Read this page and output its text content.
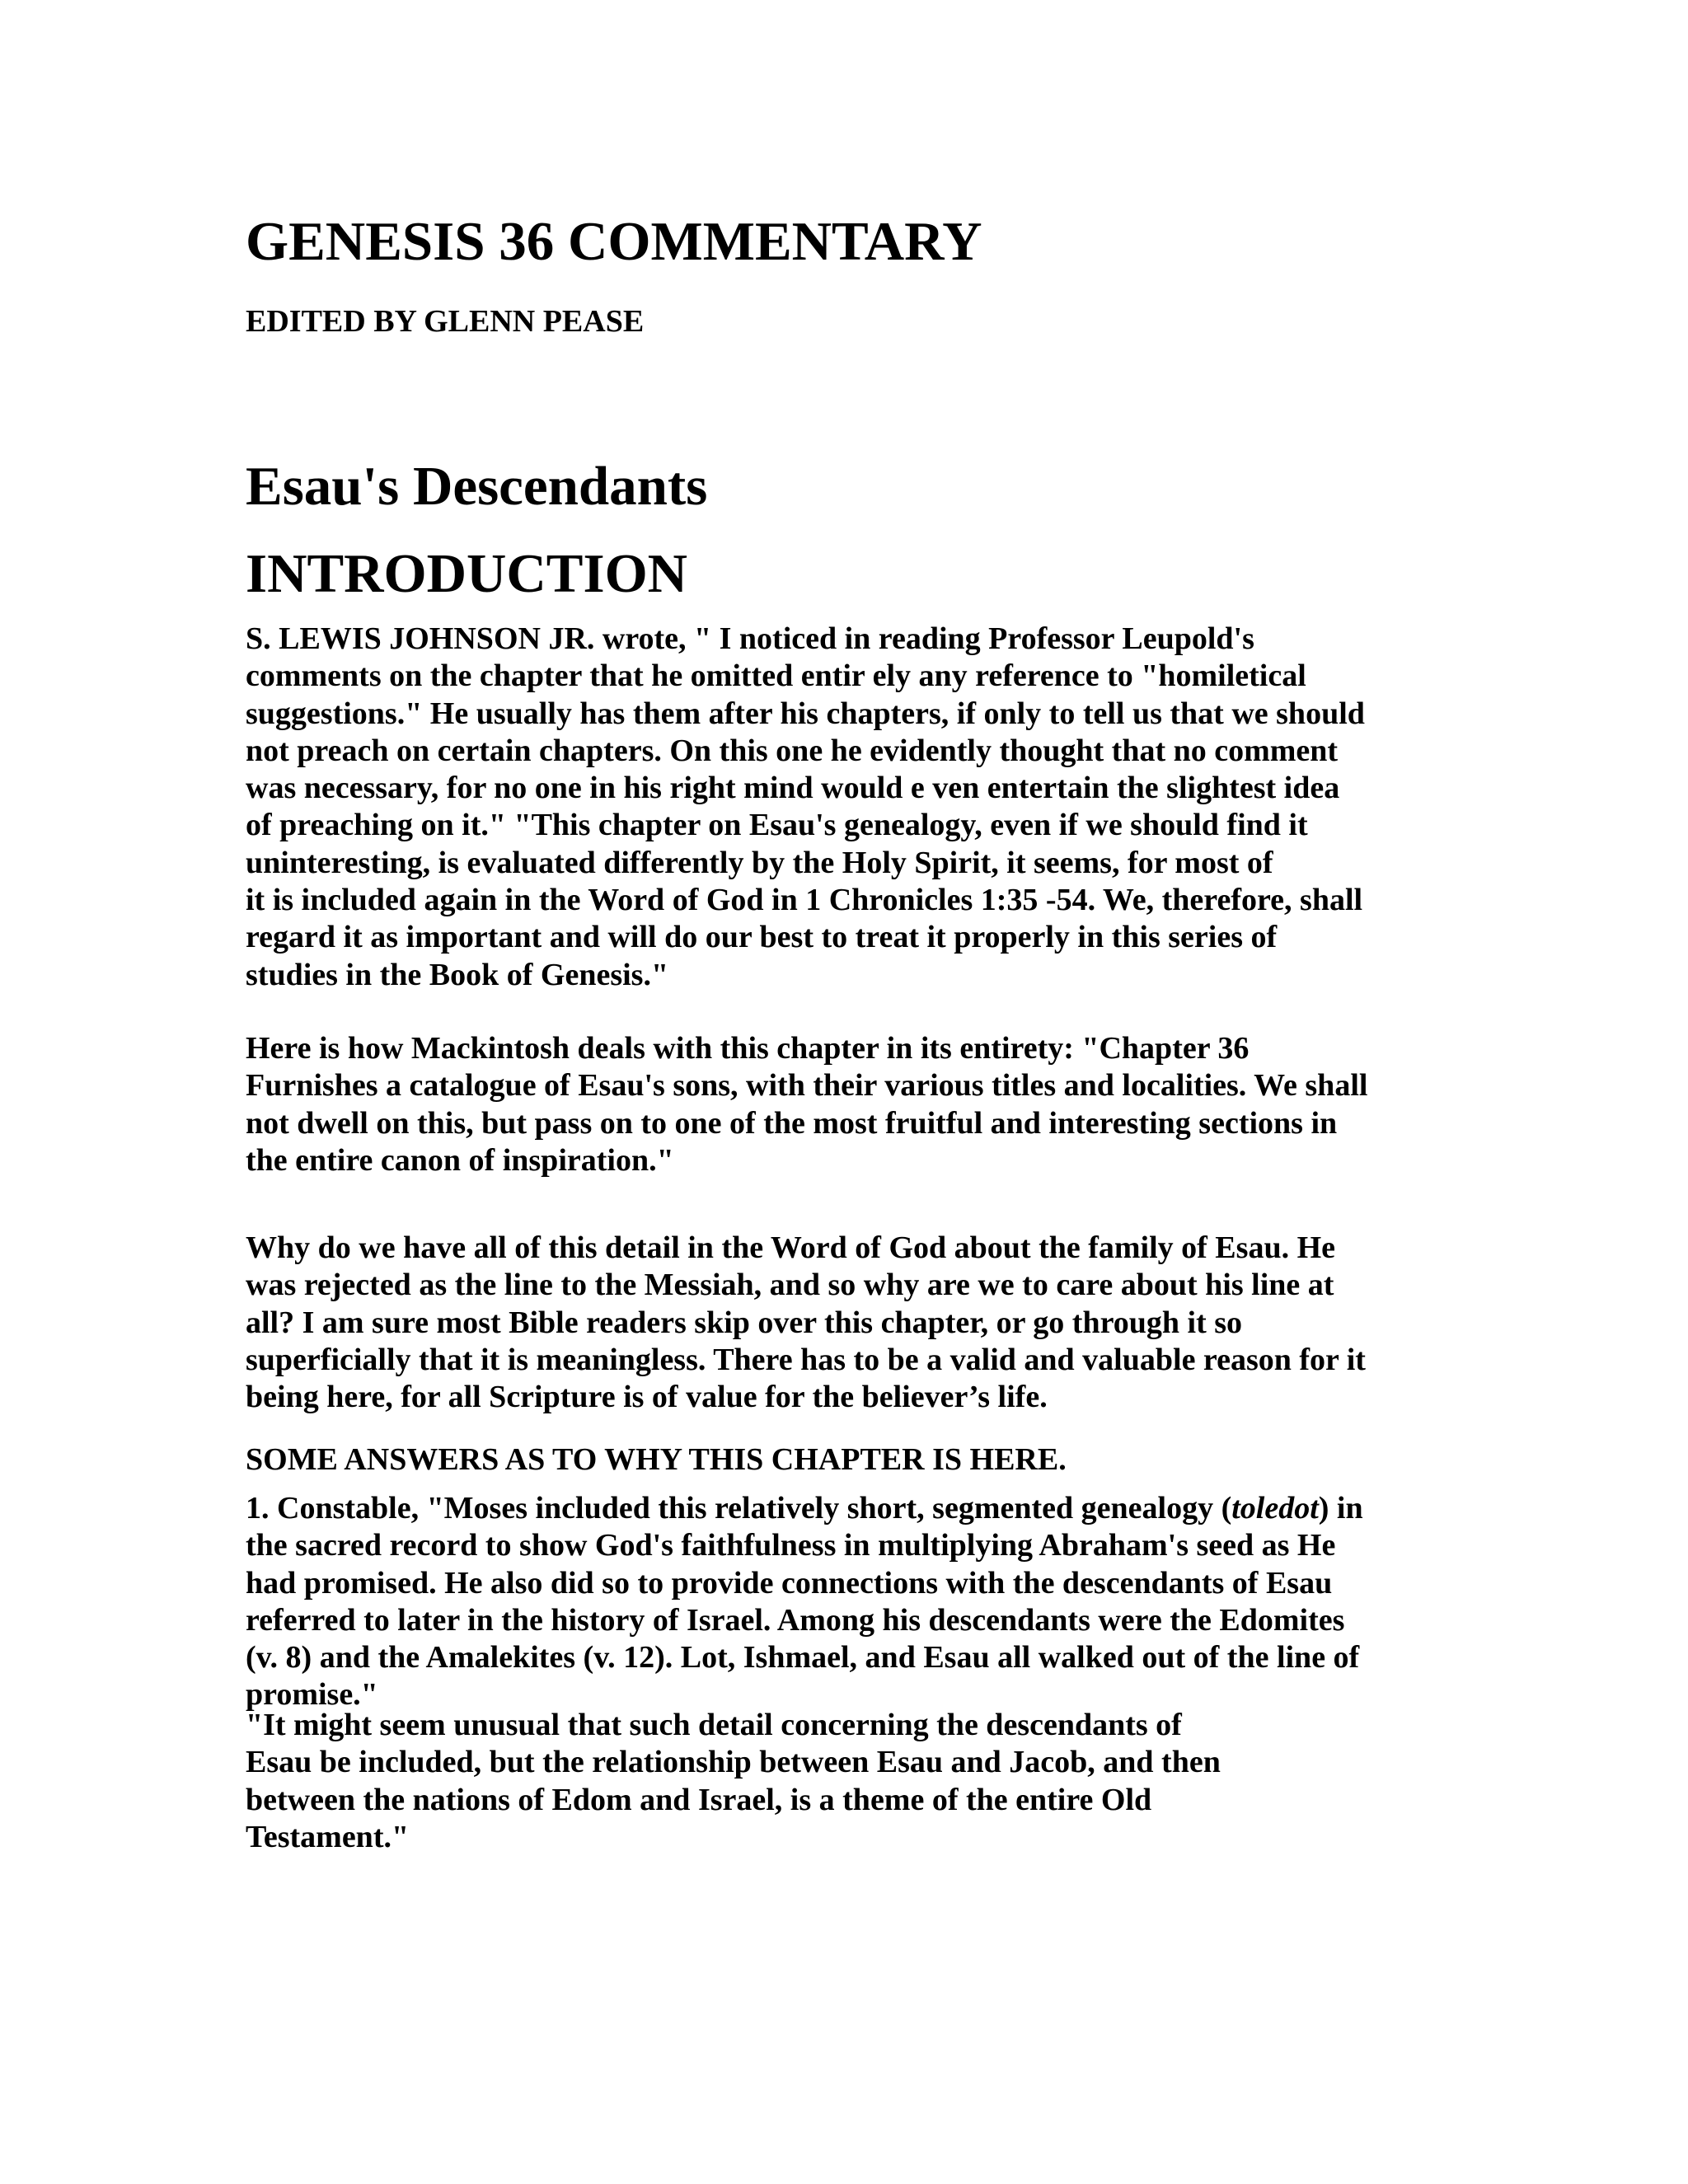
GENESIS 36 COMMENTARY

EDITED BY GLENN PEASE

Esau's Descendants
INTRODUCTION

S. LEWIS JOHNSON JR. wrote, " I noticed in reading Professor Leupold's
comments on the chapter that he omitted entir ely any reference to "homiletical
suggestions." He usually has them after his chapters, if only to tell us that we should
not preach on certain chapters. On this one he evidently thought that no comment
was necessary, for no one in his right mind would e ven entertain the slightest idea
of preaching on it." "This chapter on Esau's genealogy, even if we should find it
uninteresting, is evaluated differently by the Holy Spirit, it seems, for most of
it is included again in the Word of God in 1 Chronicles 1:35 -54. We, therefore, shall
regard it as important and will do our best to treat it properly in this series of
studies in the Book of Genesis."

Here is how Mackintosh deals with this chapter in its entirety: "Chapter 36
Furnishes a catalogue of Esau's sons, with their various titles and localities. We shall
not dwell on this, but pass on to one of the most fruitful and interesting sections in
the entire canon of inspiration."

Why do we have all of this detail in the Word of God about the family of Esau. He
was rejected as the line to the Messiah, and so why are we to care about his line at
all? I am sure most Bible readers skip over this chapter, or go through it so
superficially that it is meaningless. There has to be a valid and valuable reason for it
being here, for all Scripture is of value for the believer’s life.

SOME ANSWERS AS TO WHY THIS CHAPTER IS HERE.

1. Constable, "Moses included this relatively short, segmented genealogy (toledot) in
the sacred record to show God's faithfulness in multiplying Abraham's seed as He
had promised. He also did so to provide connections with the descendants of Esau
referred to later in the history of Israel. Among his descendants were the Edomites
(v. 8) and the Amalekites (v. 12). Lot, Ishmael, and Esau all walked out of the line of
promise."

"It might seem unusual that such detail concerning the descendants of
Esau be included, but the relationship between Esau and Jacob, and then
between the nations of Edom and Israel, is a theme of the entire Old
Testament."
